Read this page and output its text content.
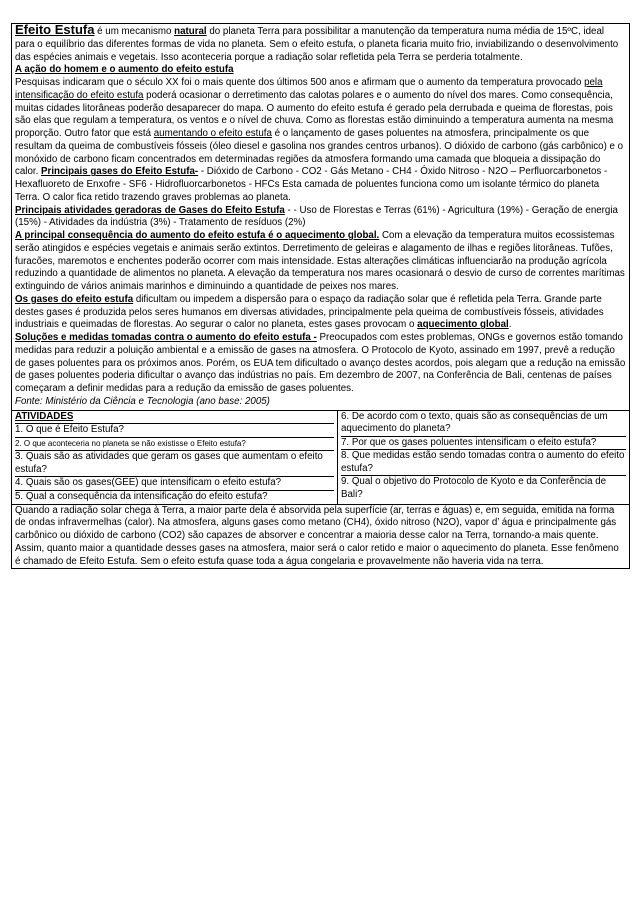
Efeito Estufa é um mecanismo natural do planeta Terra para possibilitar a manutenção da temperatura numa média de 15ºC, ideal para o equilíbrio das diferentes formas de vida no planeta. Sem o efeito estufa, o planeta ficaria muito frio, inviabilizando o desenvolvimento das espécies animais e vegetais. Isso aconteceria porque a radiação solar refletida pela Terra se perderia totalmente.

A ação do homem e o aumento do efeito estufa

Pesquisas indicaram que o século XX foi o mais quente dos últimos 500 anos e afirmam que o aumento da temperatura provocado pela intensificação do efeito estufa poderá ocasionar o derretimento das calotas polares e o aumento do nível dos mares. Como consequência, muitas cidades litorâneas poderão desaparecer do mapa. O aumento do efeito estufa é gerado pela derrubada e queima de florestas, pois são elas que regulam a temperatura, os ventos e o nível de chuva. Como as florestas estão diminuindo a temperatura aumenta na mesma proporção. Outro fator que está aumentando o efeito estufa é o lançamento de gases poluentes na atmosfera, principalmente os que resultam da queima de combustíveis fósseis (óleo diesel e gasolina nos grandes centros urbanos). O dióxido de carbono (gás carbônico) e o monóxido de carbono ficam concentrados em determinadas regiões da atmosfera formando uma camada que bloqueia a dissipação do calor. Principais gases do Efeito Estufa- - Dióxido de Carbono - CO2 - Gás Metano - CH4 - Óxido Nitroso - N2O – Perfluorcarbonetos - Hexafluoreto de Enxofre - SF6 - Hidrofluorcarbonetos - HFCs Esta camada de poluentes funciona como um isolante térmico do planeta Terra. O calor fica retido trazendo graves problemas ao planeta.

Principais atividades geradoras de Gases do Efeito Estufa - - Uso de Florestas e Terras (61%) - Agricultura (19%) - Geração de energia (15%) - Atividades da indústria (3%) - Tratamento de resíduos (2%)

A principal consequência do aumento do efeito estufa é o aquecimento global. Com a elevação da temperatura muitos ecossistemas serão atingidos e espécies vegetais e animais serão extintos. Derretimento de geleiras e alagamento de ilhas e regiões litorâneas. Tufões, furacões, maremotos e enchentes poderão ocorrer com mais intensidade. Estas alterações climáticas influenciarão na produção agrícola reduzindo a quantidade de alimentos no planeta. A elevação da temperatura nos mares ocasionará o desvio de curso de correntes marítimas extinguindo de vários animais marinhos e diminuindo a quantidade de peixes nos mares.

Os gases do efeito estufa dificultam ou impedem a dispersão para o espaço da radiação solar que é refletida pela Terra. Grande parte destes gases é produzida pelos seres humanos em diversas atividades, principalmente pela queima de combustíveis fósseis, atividades industriais e queimadas de florestas. Ao segurar o calor no planeta, estes gases provocam o aquecimento global.

Soluções e medidas tomadas contra o aumento do efeito estufa - Preocupados com estes problemas, ONGs e governos estão tomando medidas para reduzir a poluição ambiental e a emissão de gases na atmosfera. O Protocolo de Kyoto, assinado em 1997, prevê a redução de gases poluentes para os próximos anos. Porém, os EUA tem dificultado o avanço destes acordos, pois alegam que a redução na emissão de gases poluentes poderia dificultar o avanço das indústrias no país. Em dezembro de 2007, na Conferência de Bali, centenas de países começaram a definir medidas para a redução da emissão de gases poluentes.

Fonte: Ministério da Ciência e Tecnologia (ano base: 2005)

ATIVIDADES
1. O que é Efeito Estufa?
2. O que aconteceria no planeta se não existisse o Efeito estufa?
3. Quais são as atividades que geram os gases que aumentam o efeito estufa?
4. Quais são os gases(GEE) que intensificam o efeito estufa?
5. Qual a consequência da intensificação do efeito estufa?
6. De acordo com o texto, quais são as consequências de um aquecimento do planeta?
7. Por que os gases poluentes intensificam o efeito estufa?
8. Que medidas estão sendo tomadas contra o aumento do efeito estufa?
9. Qual o objetivo do Protocolo de Kyoto e da Conferência de Bali?
Quando a radiação solar chega à Terra, a maior parte dela é absorvida pela superfície (ar, terras e águas) e, em seguida, emitida na forma de ondas infravermelhas (calor). Na atmosfera, alguns gases como metano (CH4), óxido nitroso (N2O), vapor d’ água e principalmente gás carbônico ou dióxido de carbono (CO2) são capazes de absorver e concentrar a maioria desse calor na Terra, tornando-a mais quente. Assim, quanto maior a quantidade desses gases na atmosfera, maior será o calor retido e maior o aquecimento do planeta. Esse fenômeno é chamado de Efeito Estufa. Sem o efeito estufa quase toda a água congelaria e provavelmente não haveria vida na terra.
